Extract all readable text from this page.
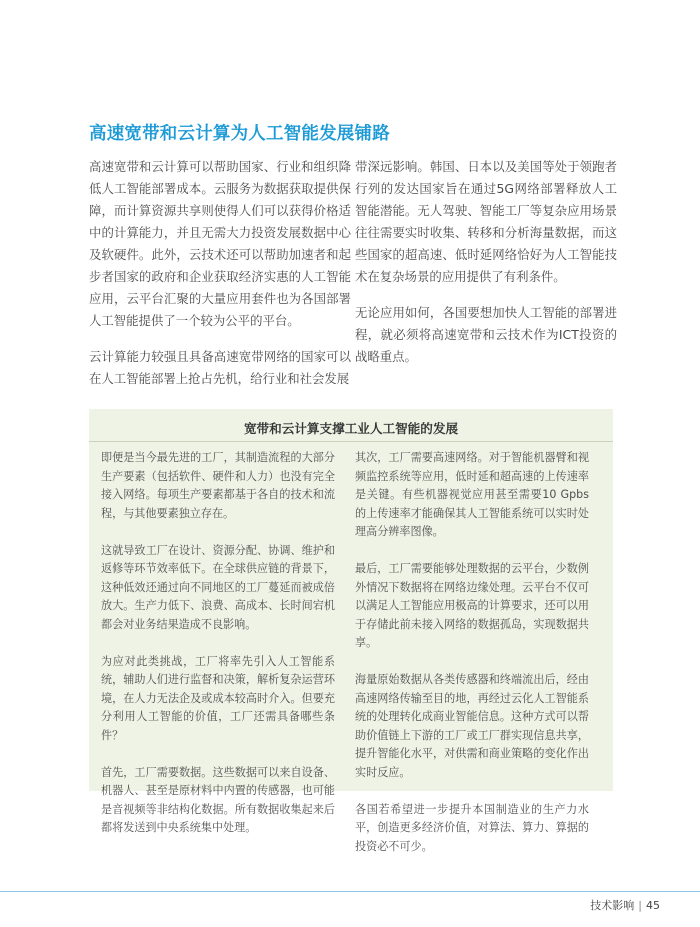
高速宽带和云计算为人工智能发展铺路

高速宽带和云计算可以帮助国家、行业和组织降低人工智能部署成本。云服务为数据获取提供保障，而计算资源共享则使得人们可以获得价格适中的计算能力，并且无需大力投资发展数据中心及软硬件。此外，云技术还可以帮助加速者和起步者国家的政府和企业获取经济实惠的人工智能应用，云平台汇聚的大量应用套件也为各国部署人工智能提供了一个较为公平的平台。

云计算能力较强且具备高速宽带网络的国家可以在人工智能部署上抢占先机，给行业和社会发展

带深远影响。韩国、日本以及美国等处于领跑者行列的发达国家旨在通过5G网络部署释放人工智能潜能。无人驾驶、智能工厂等复杂应用场景往往需要实时收集、转移和分析海量数据，而这些国家的超高速、低时延网络恰好为人工智能技术在复杂场景的应用提供了有利条件。

无论应用如何，各国要想加快人工智能的部署进程，就必须将高速宽带和云技术作为ICT投资的战略重点。

宽带和云计算支撑工业人工智能的发展

即便是当今最先进的工厂，其制造流程的大部分生产要素（包括软件、硬件和人力）也没有完全接入网络。每项生产要素都基于各自的技术和流程，与其他要素独立存在。

这就导致工厂在设计、资源分配、协调、维护和返修等环节效率低下。在全球供应链的背景下，这种低效还通过向不同地区的工厂蔓延而被成倍放大。生产力低下、浪费、高成本、长时间宕机都会对业务结果造成不良影响。

为应对此类挑战，工厂将率先引入人工智能系统，辅助人们进行监督和决策，解析复杂运营环境，在人力无法企及或成本较高时介入。但要充分利用人工智能的价值，工厂还需具备哪些条件？

首先，工厂需要数据。这些数据可以来自设备、机器人、甚至是原材料中内置的传感器，也可能是音视频等非结构化数据。所有数据收集起来后都将发送到中央系统集中处理。

其次，工厂需要高速网络。对于智能机器臂和视频监控系统等应用，低时延和超高速的上传速率是关键。有些机器视觉应用甚至需要10 Gpbs的上传速率才能确保其人工智能系统可以实时处理高分辨率图像。

最后，工厂需要能够处理数据的云平台，少数例外情况下数据将在网络边缘处理。云平台不仅可以满足人工智能应用极高的计算要求，还可以用于存储此前未接入网络的数据孤岛，实现数据共享。

海量原始数据从各类传感器和终端流出后，经由高速网络传输至目的地，再经过云化人工智能系统的处理转化成商业智能信息。这种方式可以帮助价值链上下游的工厂或工厂群实现信息共享，提升智能化水平，对供需和商业策略的变化作出实时反应。

各国若希望进一步提升本国制造业的生产力水平，创造更多经济价值，对算法、算力、算据的投资必不可少。

技术影响 | 45
